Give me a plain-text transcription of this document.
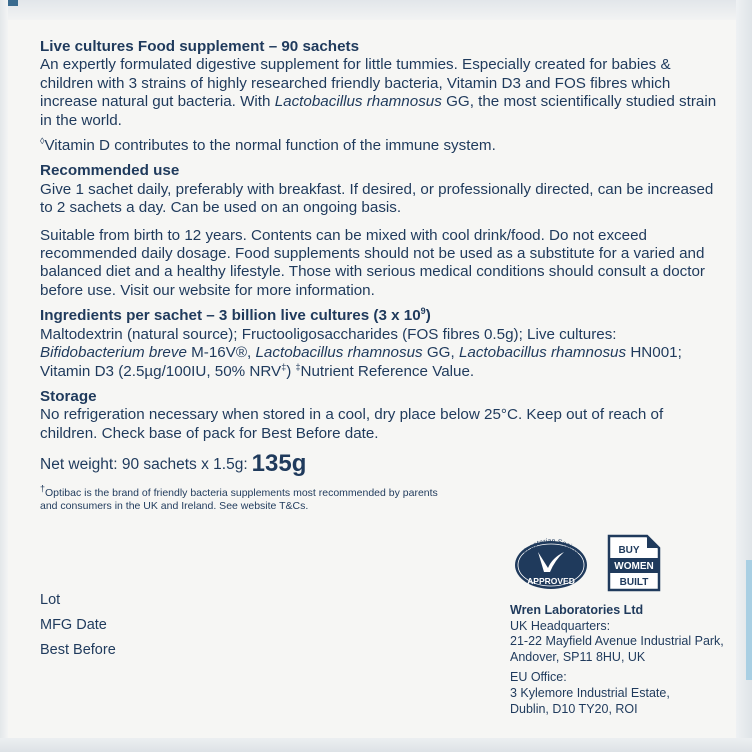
Live cultures Food supplement – 90 sachets

An expertly formulated digestive supplement for little tummies. Especially created for babies & children with 3 strains of highly researched friendly bacteria, Vitamin D3 and FOS fibres which increase natural gut bacteria. With Lactobacillus rhamnosus GG, the most scientifically studied strain in the world.

◊Vitamin D contributes to the normal function of the immune system.

Recommended use

Give 1 sachet daily, preferably with breakfast. If desired, or professionally directed, can be increased to 2 sachets a day. Can be used on an ongoing basis.

Suitable from birth to 12 years. Contents can be mixed with cool drink/food. Do not exceed recommended daily dosage. Food supplements should not be used as a substitute for a varied and balanced diet and a healthy lifestyle. Those with serious medical conditions should consult a doctor before use. Visit our website for more information.

Ingredients per sachet – 3 billion live cultures (3 x $10^9$)

Maltodextrin (natural source); Fructooligosaccharides (FOS fibres 0.5g); Live cultures: Bifidobacterium breve M-16V®, Lactobacillus rhamnosus GG, Lactobacillus rhamnosus HN001; Vitamin D3 (2.5µg/100IU, 50% NRV‡) ‡Nutrient Reference Value.

Storage

No refrigeration necessary when stored in a cool, dry place below 25°C. Keep out of reach of children. Check base of pack for Best Before date.

Net weight: 90 sachets x 1.5g: 135g

†Optibac is the brand of friendly bacteria supplements most recommended by parents and consumers in the UK and Ireland. See website T&Cs.

Vegetarian Society
APPROVED
BUY
WOMEN
BUILT

Lot

MFG Date

Best Before

Wren Laboratories Ltd

UK Headquarters:

21-22 Mayfield Avenue Industrial Park,

Andover, SP11 8HU, UK

EU Office:

3 Kylemore Industrial Estate,

Dublin, D10 TY20, ROI
